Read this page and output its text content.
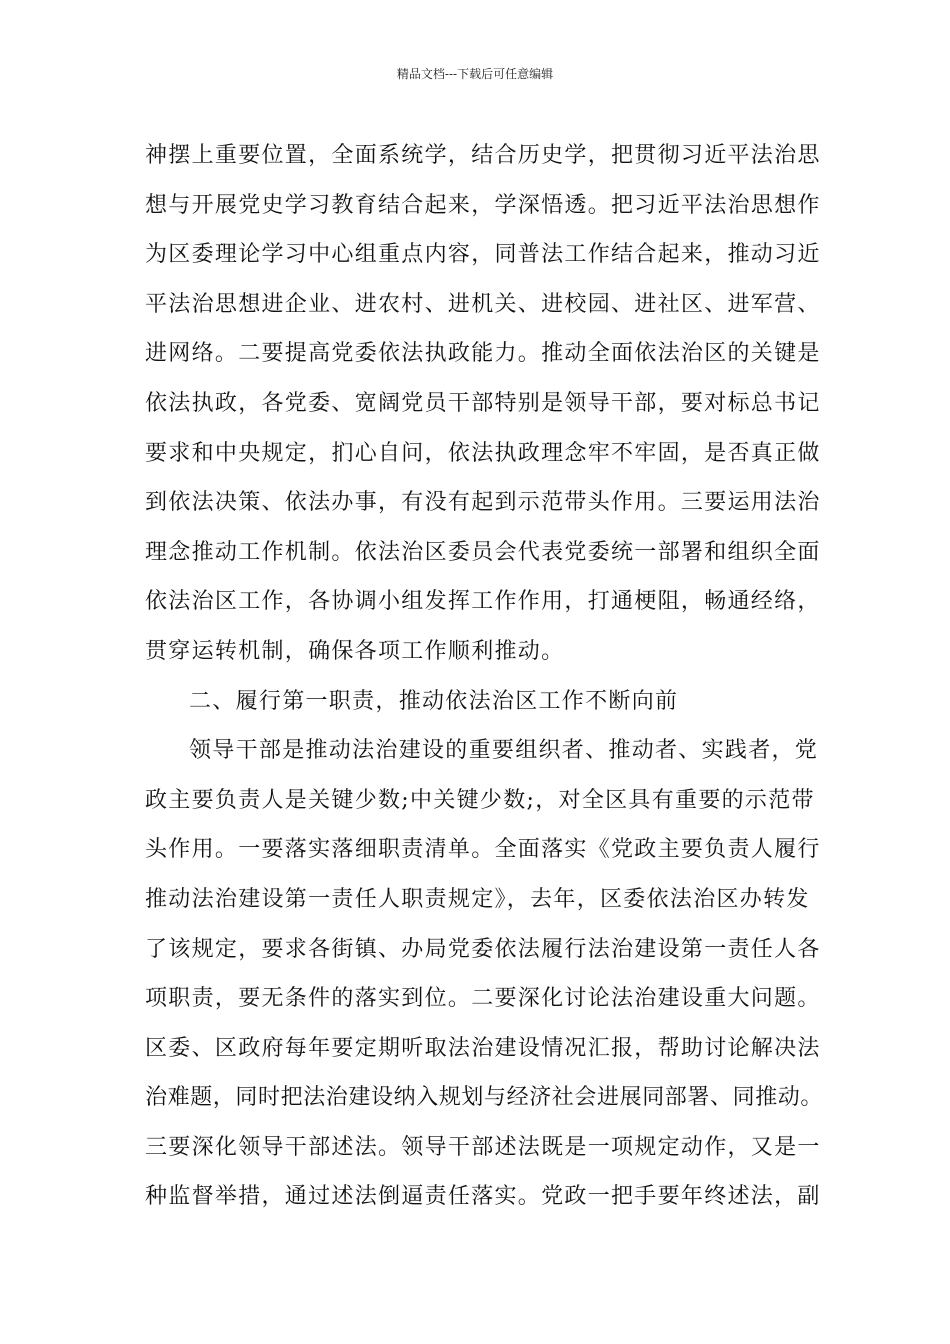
精品文档---下载后可任意编辑
神摆上重要位置，全面系统学，结合历史学，把贯彻习近平法治思
想与开展党史学习教育结合起来，学深悟透。把习近平法治思想作
为区委理论学习中心组重点内容，同普法工作结合起来，推动习近
平法治思想进企业、进农村、进机关、进校园、进社区、进军营、
进网络。二要提高党委依法执政能力。推动全面依法治区的关键是
依法执政，各党委、宽阔党员干部特别是领导干部，要对标总书记
要求和中央规定，扪心自问，依法执政理念牢不牢固，是否真正做
到依法决策、依法办事，有没有起到示范带头作用。三要运用法治
理念推动工作机制。依法治区委员会代表党委统一部署和组织全面
依法治区工作，各协调小组发挥工作作用，打通梗阻，畅通经络，
贯穿运转机制，确保各项工作顺利推动。
二、履行第一职责，推动依法治区工作不断向前
领导干部是推动法治建设的重要组织者、推动者、实践者，党
政主要负责人是关键少数;中关键少数;，对全区具有重要的示范带
头作用。一要落实落细职责清单。全面落实《党政主要负责人履行
推动法治建设第一责任人职责规定》，去年，区委依法治区办转发
了该规定，要求各街镇、办局党委依法履行法治建设第一责任人各
项职责，要无条件的落实到位。二要深化讨论法治建设重大问题。
区委、区政府每年要定期听取法治建设情况汇报，帮助讨论解决法
治难题，同时把法治建设纳入规划与经济社会进展同部署、同推动。
三要深化领导干部述法。领导干部述法既是一项规定动作，又是一
种监督举措，通过述法倒逼责任落实。党政一把手要年终述法，副
